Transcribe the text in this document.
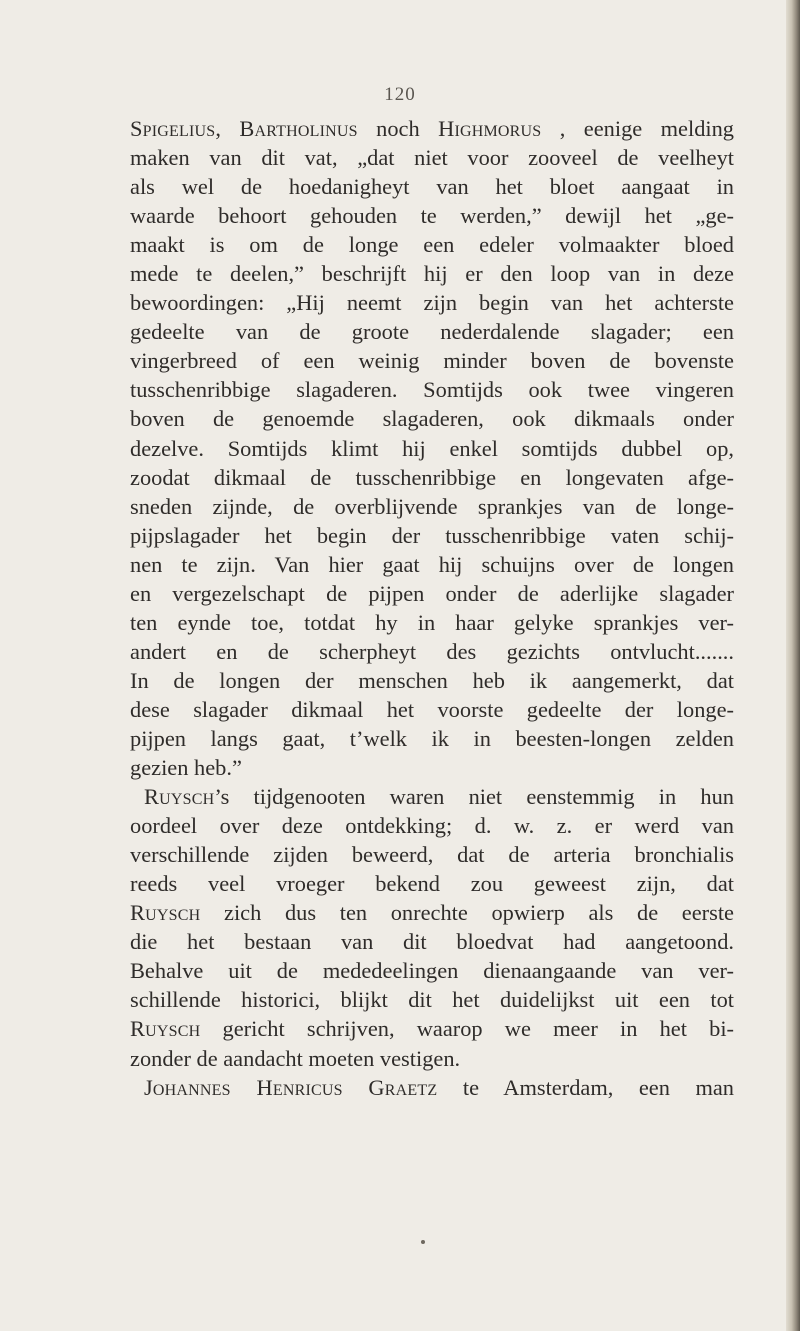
120
Spigelius, Bartholinus noch Highmorus , eenige melding
maken van dit vat, „dat niet voor zooveel de veelheyt
als wel de hoedanigheyt van het bloet aangaat in
waarde behoort gehouden te werden,” dewijl het „ge-
maakt is om de longe een edeler volmaakter bloed
mede te deelen,” beschrijft hij er den loop van in deze
bewoordingen: „Hij neemt zijn begin van het achterste
gedeelte van de groote nederdalende slagader; een
vingerbreed of een weinig minder boven de bovenste
tusschenribbige slagaderen. Somtijds ook twee vingeren
boven de genoemde slagaderen, ook dikmaals onder
dezelve. Somtijds klimt hij enkel somtijds dubbel op,
zoodat dikmaal de tusschenribbige en longevaten afge-
sneden zijnde, de overblijvende sprankjes van de longe-
pijpslagader het begin der tusschenribbige vaten schij-
nen te zijn. Van hier gaat hij schuijns over de longen
en vergezelschapt de pijpen onder de aderlijke slagader
ten eynde toe, totdat hy in haar gelyke sprankjes ver-
andert en de scherpheyt des gezichts ontvlucht.......
In de longen der menschen heb ik aangemerkt, dat
dese slagader dikmaal het voorste gedeelte der longe-
pijpen langs gaat, t’welk ik in beesten-longen zelden
gezien heb.”
Ruysch’s tijdgenooten waren niet eenstemmig in hun
oordeel over deze ontdekking; d. w. z. er werd van
verschillende zijden beweerd, dat de arteria bronchialis
reeds veel vroeger bekend zou geweest zijn, dat
Ruysch zich dus ten onrechte opwierp als de eerste
die het bestaan van dit bloedvat had aangetoond.
Behalve uit de mededeelingen dienaangaande van ver-
schillende historici, blijkt dit het duidelijkst uit een tot
Ruysch gericht schrijven, waarop we meer in het bi-
zonder de aandacht moeten vestigen.
Johannes Henricus Graetz te Amsterdam, een man
